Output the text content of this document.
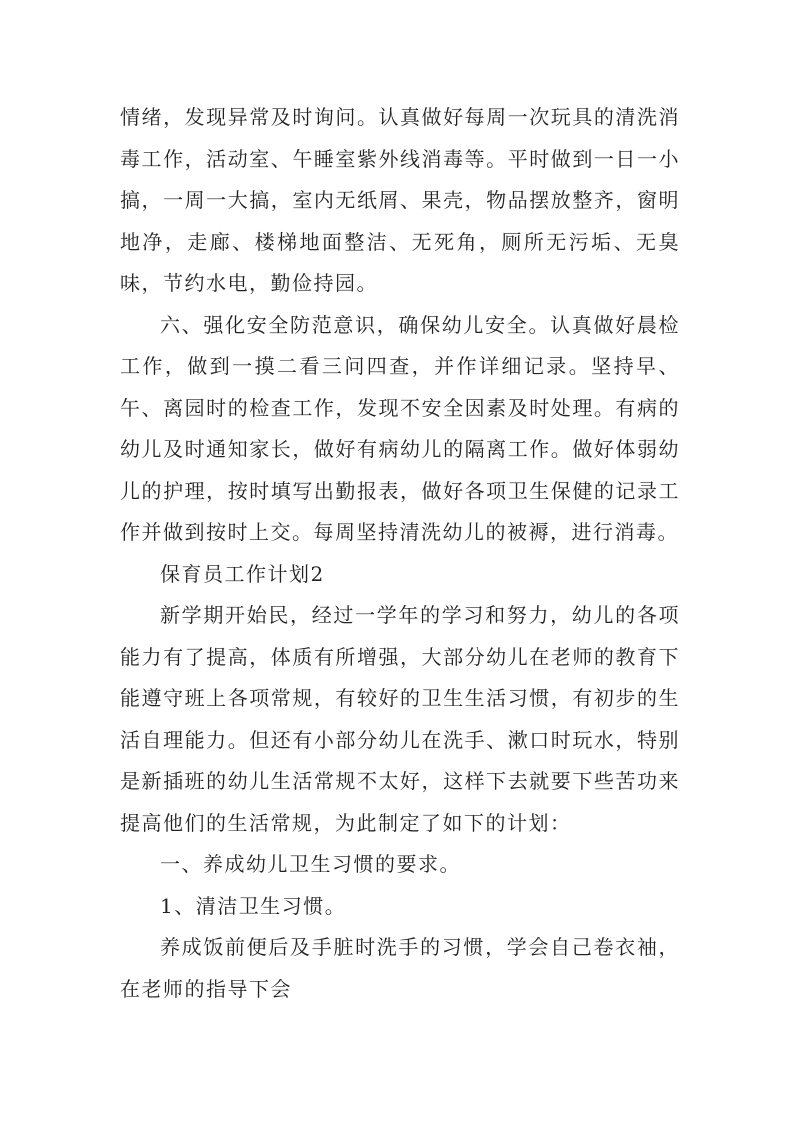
情绪，发现异常及时询问。认真做好每周一次玩具的清洗消毒工作，活动室、午睡室紫外线消毒等。平时做到一日一小搞，一周一大搞，室内无纸屑、果壳，物品摆放整齐，窗明地净，走廊、楼梯地面整洁、无死角，厕所无污垢、无臭味，节约水电，勤俭持园。

六、强化安全防范意识，确保幼儿安全。认真做好晨检工作，做到一摸二看三问四查，并作详细记录。坚持早、午、离园时的检查工作，发现不安全因素及时处理。有病的幼儿及时通知家长，做好有病幼儿的隔离工作。做好体弱幼儿的护理，按时填写出勤报表，做好各项卫生保健的记录工作并做到按时上交。每周坚持清洗幼儿的被褥，进行消毒。

保育员工作计划2

新学期开始民，经过一学年的学习和努力，幼儿的各项能力有了提高，体质有所增强，大部分幼儿在老师的教育下能遵守班上各项常规，有较好的卫生生活习惯，有初步的生活自理能力。但还有小部分幼儿在洗手、漱口时玩水，特别是新插班的幼儿生活常规不太好，这样下去就要下些苦功来提高他们的生活常规，为此制定了如下的计划：

一、养成幼儿卫生习惯的要求。

1、清洁卫生习惯。

养成饭前便后及手脏时洗手的习惯，学会自己卷衣袖，在老师的指导下会
